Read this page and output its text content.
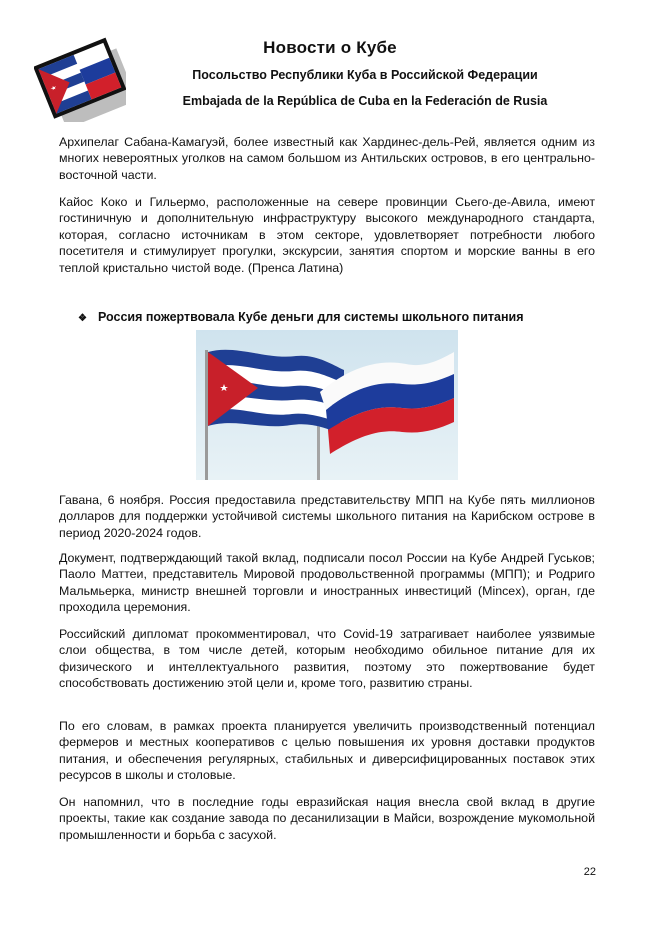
Новости о Кубе
Посольство Республики Куба в Российской Федерации
Embajada de la República de Cuba en la Federación de Rusia

Архипелаг Сабана-Камагуэй, более известный как Хардинес-дель-Рей, является одним из многих невероятных уголков на самом большом из Антильских островов, в его центрально-восточной части.

Кайос Коко и Гильермо, расположенные на севере провинции Сьего-де-Авила, имеют гостиничную и дополнительную инфраструктуру высокого международного стандарта, которая, согласно источникам в этом секторе, удовлетворяет потребности любого посетителя и стимулирует прогулки, экскурсии, занятия спортом и морские ванны в его теплой кристально чистой воде. (Пренса Латина)

❖ Россия пожертвовала Кубе деньги для системы школьного питания

Гавана, 6 ноября. Россия предоставила представительству МПП на Кубе пять миллионов долларов для поддержки устойчивой системы школьного питания на Карибском острове в период 2020-2024 годов.

Документ, подтверждающий такой вклад, подписали посол России на Кубе Андрей Гуськов; Паоло Маттеи, представитель Мировой продовольственной программы (МПП); и Родриго Мальмьерка, министр внешней торговли и иностранных инвестиций (Mincex), орган, где проходила церемония.

Российский дипломат прокомментировал, что Covid-19 затрагивает наиболее уязвимые слои общества, в том числе детей, которым необходимо обильное питание для их физического и интеллектуального развития, поэтому это пожертвование будет способствовать достижению этой цели и, кроме того, развитию страны.

По его словам, в рамках проекта планируется увеличить производственный потенциал фермеров и местных кооперативов с целью повышения их уровня доставки продуктов питания, и обеспечения регулярных, стабильных и диверсифицированных поставок этих ресурсов в школы и столовые.

Он напомнил, что в последние годы евразийская нация внесла свой вклад в другие проекты, такие как создание завода по десанилизации в Майси, возрождение мукомольной промышленности и борьба с засухой.

22
